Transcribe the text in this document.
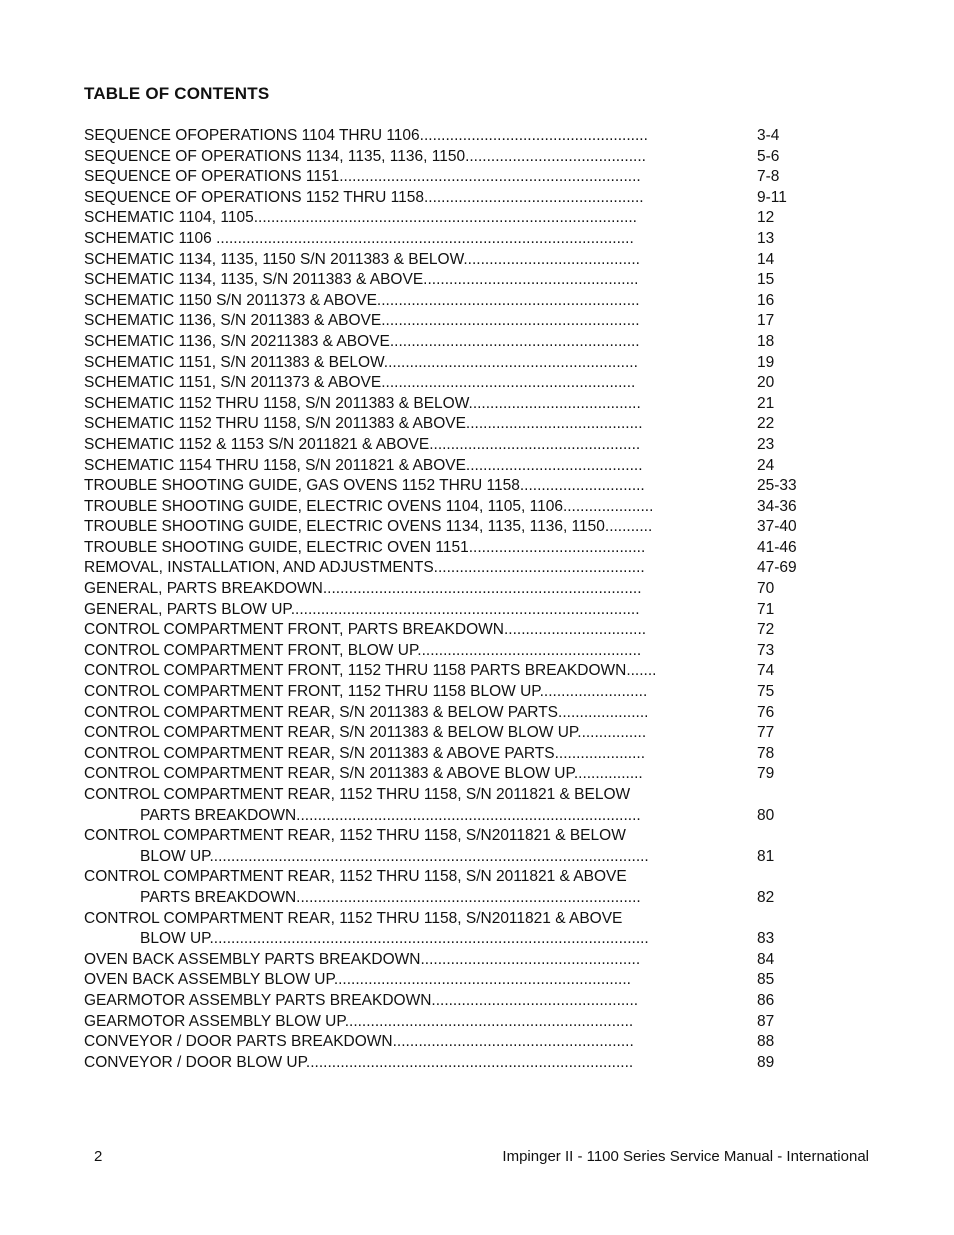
TABLE OF CONTENTS
SEQUENCE OFOPERATIONS 1104 THRU 1106.....................................................	3-4
SEQUENCE OF OPERATIONS 1134, 1135, 1136, 1150..........................................	5-6
SEQUENCE OF OPERATIONS 1151......................................................................	7-8
SEQUENCE OF OPERATIONS 1152 THRU 1158...................................................	9-11
SCHEMATIC 1104, 1105.........................................................................................	12
SCHEMATIC 1106 .................................................................................................	13
SCHEMATIC 1134, 1135, 1150 S/N 2011383 & BELOW.........................................	14
SCHEMATIC 1134, 1135, S/N 2011383 & ABOVE..................................................	15
SCHEMATIC 1150 S/N 2011373 & ABOVE.............................................................	16
SCHEMATIC 1136, S/N 2011383 & ABOVE............................................................	17
SCHEMATIC 1136, S/N 20211383 & ABOVE..........................................................	18
SCHEMATIC 1151, S/N 2011383 & BELOW...........................................................	19
SCHEMATIC 1151, S/N 2011373 & ABOVE...........................................................	20
SCHEMATIC 1152 THRU 1158, S/N 2011383 & BELOW........................................	21
SCHEMATIC 1152 THRU 1158, S/N 2011383 & ABOVE.........................................	22
SCHEMATIC 1152 & 1153 S/N 2011821 & ABOVE.................................................	23
SCHEMATIC 1154 THRU 1158, S/N 2011821 & ABOVE.........................................	24
TROUBLE SHOOTING GUIDE, GAS OVENS 1152 THRU 1158.............................	25-33
TROUBLE SHOOTING GUIDE, ELECTRIC OVENS 1104, 1105, 1106.....................	34-36
TROUBLE SHOOTING GUIDE, ELECTRIC OVENS 1134, 1135, 1136, 1150...........	37-40
TROUBLE SHOOTING GUIDE, ELECTRIC OVEN 1151.........................................	41-46
REMOVAL, INSTALLATION, AND ADJUSTMENTS.................................................	47-69
GENERAL, PARTS BREAKDOWN..........................................................................	70
GENERAL, PARTS BLOW UP.................................................................................	71
CONTROL COMPARTMENT FRONT, PARTS BREAKDOWN.................................	72
CONTROL COMPARTMENT FRONT, BLOW UP....................................................	73
CONTROL COMPARTMENT FRONT, 1152 THRU 1158 PARTS BREAKDOWN.......	74
CONTROL COMPARTMENT FRONT, 1152 THRU 1158 BLOW UP.........................	75
CONTROL COMPARTMENT REAR, S/N 2011383 & BELOW PARTS.....................	76
CONTROL COMPARTMENT REAR, S/N 2011383 & BELOW BLOW UP................	77
CONTROL COMPARTMENT REAR, S/N 2011383 & ABOVE PARTS.....................	78
CONTROL COMPARTMENT REAR, S/N 2011383 & ABOVE BLOW UP................	79
CONTROL COMPARTMENT REAR, 1152 THRU 1158, S/N 2011821 & BELOW
PARTS BREAKDOWN................................................................................	80
CONTROL COMPARTMENT REAR, 1152 THRU 1158, S/N2011821 & BELOW
BLOW UP......................................................................................................	81
CONTROL COMPARTMENT REAR, 1152 THRU 1158, S/N 2011821 & ABOVE
PARTS BREAKDOWN................................................................................	82
CONTROL COMPARTMENT REAR, 1152 THRU 1158, S/N2011821 & ABOVE
BLOW UP......................................................................................................	83
OVEN BACK ASSEMBLY PARTS BREAKDOWN...................................................	84
OVEN BACK ASSEMBLY BLOW UP.....................................................................	85
GEARMOTOR ASSEMBLY PARTS BREAKDOWN................................................	86
GEARMOTOR ASSEMBLY BLOW UP...................................................................	87
CONVEYOR / DOOR PARTS BREAKDOWN........................................................	88
CONVEYOR / DOOR BLOW UP............................................................................	89
2	Impinger II - 1100 Series Service Manual - International
